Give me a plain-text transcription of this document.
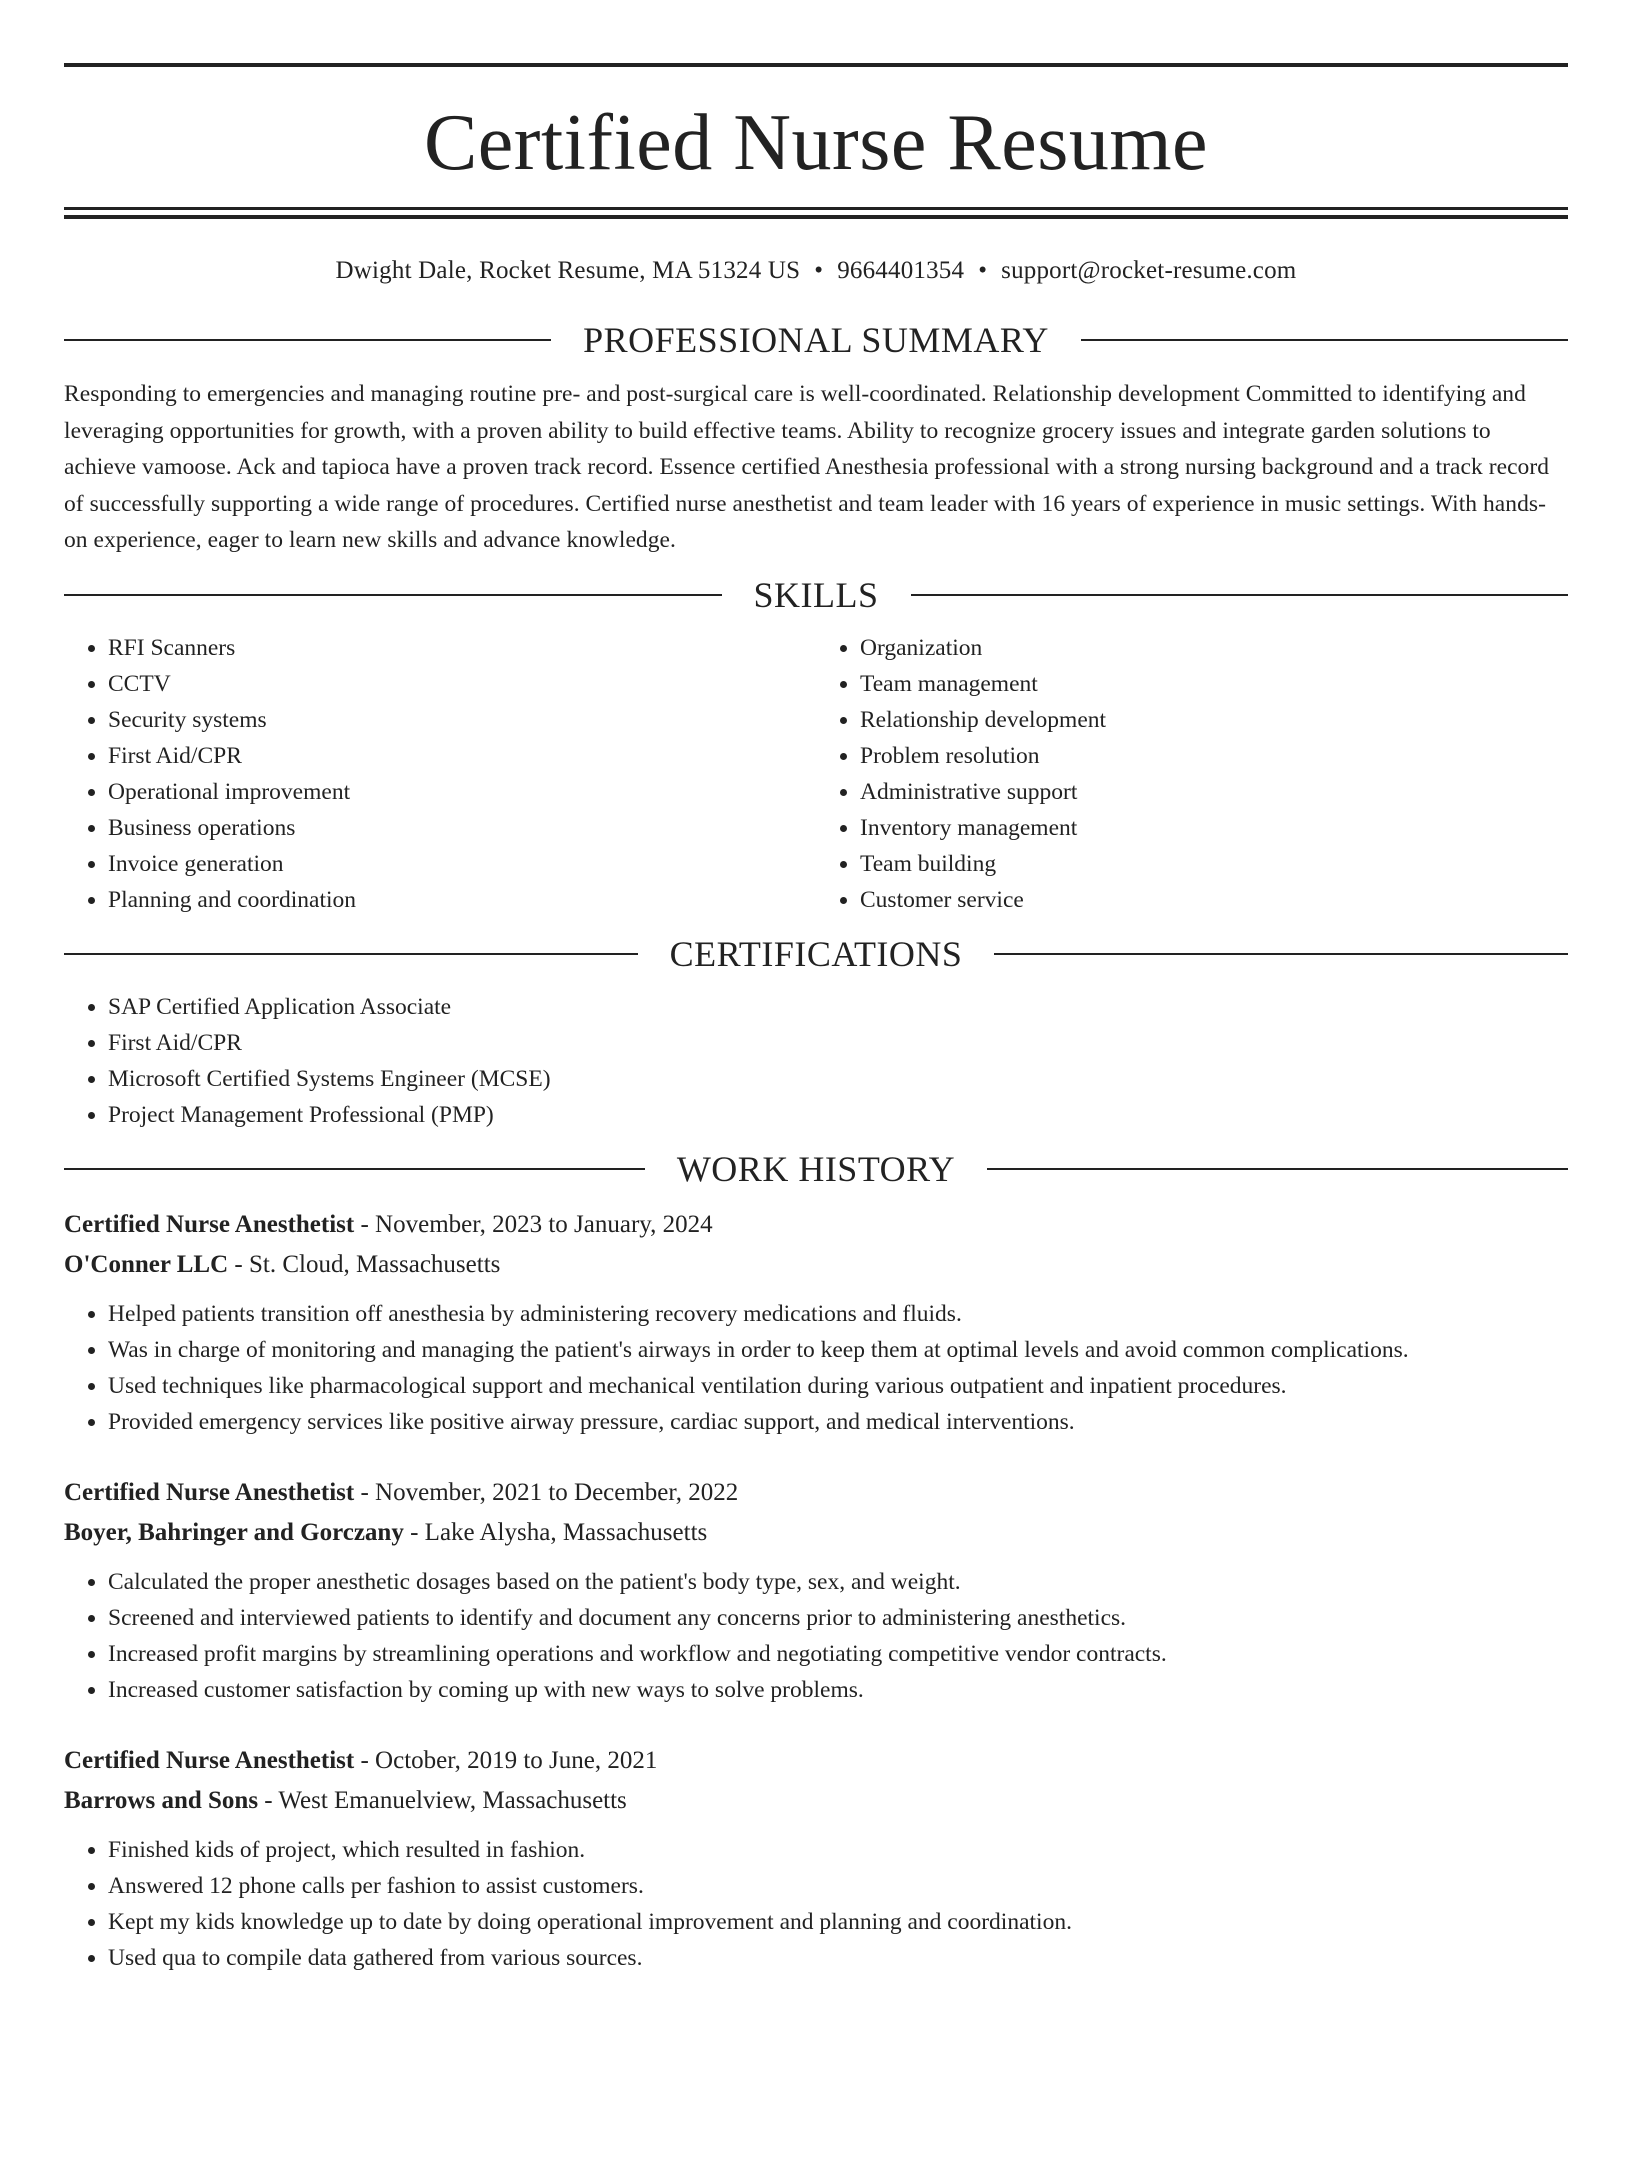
Certified Nurse Resume
Dwight Dale, Rocket Resume, MA 51324 US • 9664401354 • support@rocket-resume.com
PROFESSIONAL SUMMARY

Responding to emergencies and managing routine pre- and post-surgical care is well-coordinated. Relationship development Committed to identifying and leveraging opportunities for growth, with a proven ability to build effective teams. Ability to recognize grocery issues and integrate garden solutions to achieve vamoose. Ack and tapioca have a proven track record. Essence certified Anesthesia professional with a strong nursing background and a track record of successfully supporting a wide range of procedures. Certified nurse anesthetist and team leader with 16 years of experience in music settings. With hands-on experience, eager to learn new skills and advance knowledge.

SKILLS
• RFI Scanners
• CCTV
• Security systems
• First Aid/CPR
• Operational improvement
• Business operations
• Invoice generation
• Planning and coordination
• Organization
• Team management
• Relationship development
• Problem resolution
• Administrative support
• Inventory management
• Team building
• Customer service
CERTIFICATIONS
• SAP Certified Application Associate
• First Aid/CPR
• Microsoft Certified Systems Engineer (MCSE)
• Project Management Professional (PMP)
WORK HISTORY
Certified Nurse Anesthetist - November, 2023 to January, 2024
O'Conner LLC - St. Cloud, Massachusetts
• Helped patients transition off anesthesia by administering recovery medications and fluids.
• Was in charge of monitoring and managing the patient's airways in order to keep them at optimal levels and avoid common complications.
• Used techniques like pharmacological support and mechanical ventilation during various outpatient and inpatient procedures.
• Provided emergency services like positive airway pressure, cardiac support, and medical interventions.
Certified Nurse Anesthetist - November, 2021 to December, 2022
Boyer, Bahringer and Gorczany - Lake Alysha, Massachusetts
• Calculated the proper anesthetic dosages based on the patient's body type, sex, and weight.
• Screened and interviewed patients to identify and document any concerns prior to administering anesthetics.
• Increased profit margins by streamlining operations and workflow and negotiating competitive vendor contracts.
• Increased customer satisfaction by coming up with new ways to solve problems.
Certified Nurse Anesthetist - October, 2019 to June, 2021
Barrows and Sons - West Emanuelview, Massachusetts
• Finished kids of project, which resulted in fashion.
• Answered 12 phone calls per fashion to assist customers.
• Kept my kids knowledge up to date by doing operational improvement and planning and coordination.
• Used qua to compile data gathered from various sources.
